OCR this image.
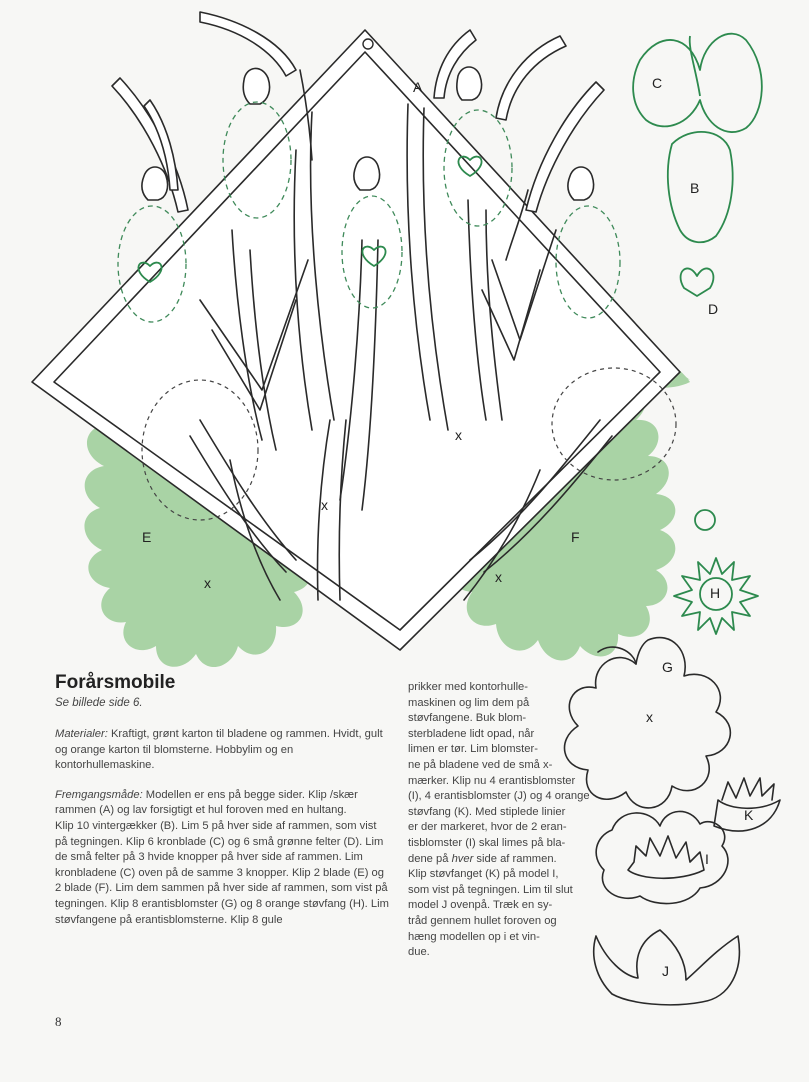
A	C
B
D
E	F
G
H
I
J
K
x
x
x	x
x
Forårsmobile
Se billede side 6.

Materialer: Kraftigt, grønt karton til bladene og rammen. Hvidt, gult og orange karton til blomsterne. Hobbylim og en kontorhullemaskine.

Fremgangsmåde: Modellen er ens på begge sider. Klip /skær rammen (A) og lav forsigtigt et hul foroven med en hultang.

Klip 10 vintergækker (B). Lim 5 på hver side af rammen, som vist på tegningen. Klip 6 kronblade (C) og 6 små grønne felter (D). Lim de små felter på 3 hvide knopper på hver side af rammen. Lim kronbladene (C) oven på de samme 3 knopper. Klip 2 blade (E) og 2 blade (F). Lim dem sammen på hver side af rammen, som vist på tegningen. Klip 8 erantisblomster (G) og 8 orange støvfang (H). Lim støvfangene på erantisblomsterne. Klip 8 gule

prikker med kontorhulle-

maskinen og lim dem på

støvfangene. Buk blom-

sterbladene lidt opad, når

limen er tør. Lim blomster-

ne på bladene ved de små x-

mærker. Klip nu 4 erantisblomster

(I), 4 erantisblomster (J) og 4 orange

støvfang (K). Med stiplede linier

er der markeret, hvor de 2 eran-

tisblomster (I) skal limes på bla-

dene på hver side af rammen.

Klip støvfanget (K) på model I,

som vist på tegningen. Lim til slut

model J ovenpå. Træk en sy-

tråd gennem hullet foroven og

hæng modellen op i et vin-

due.

8
